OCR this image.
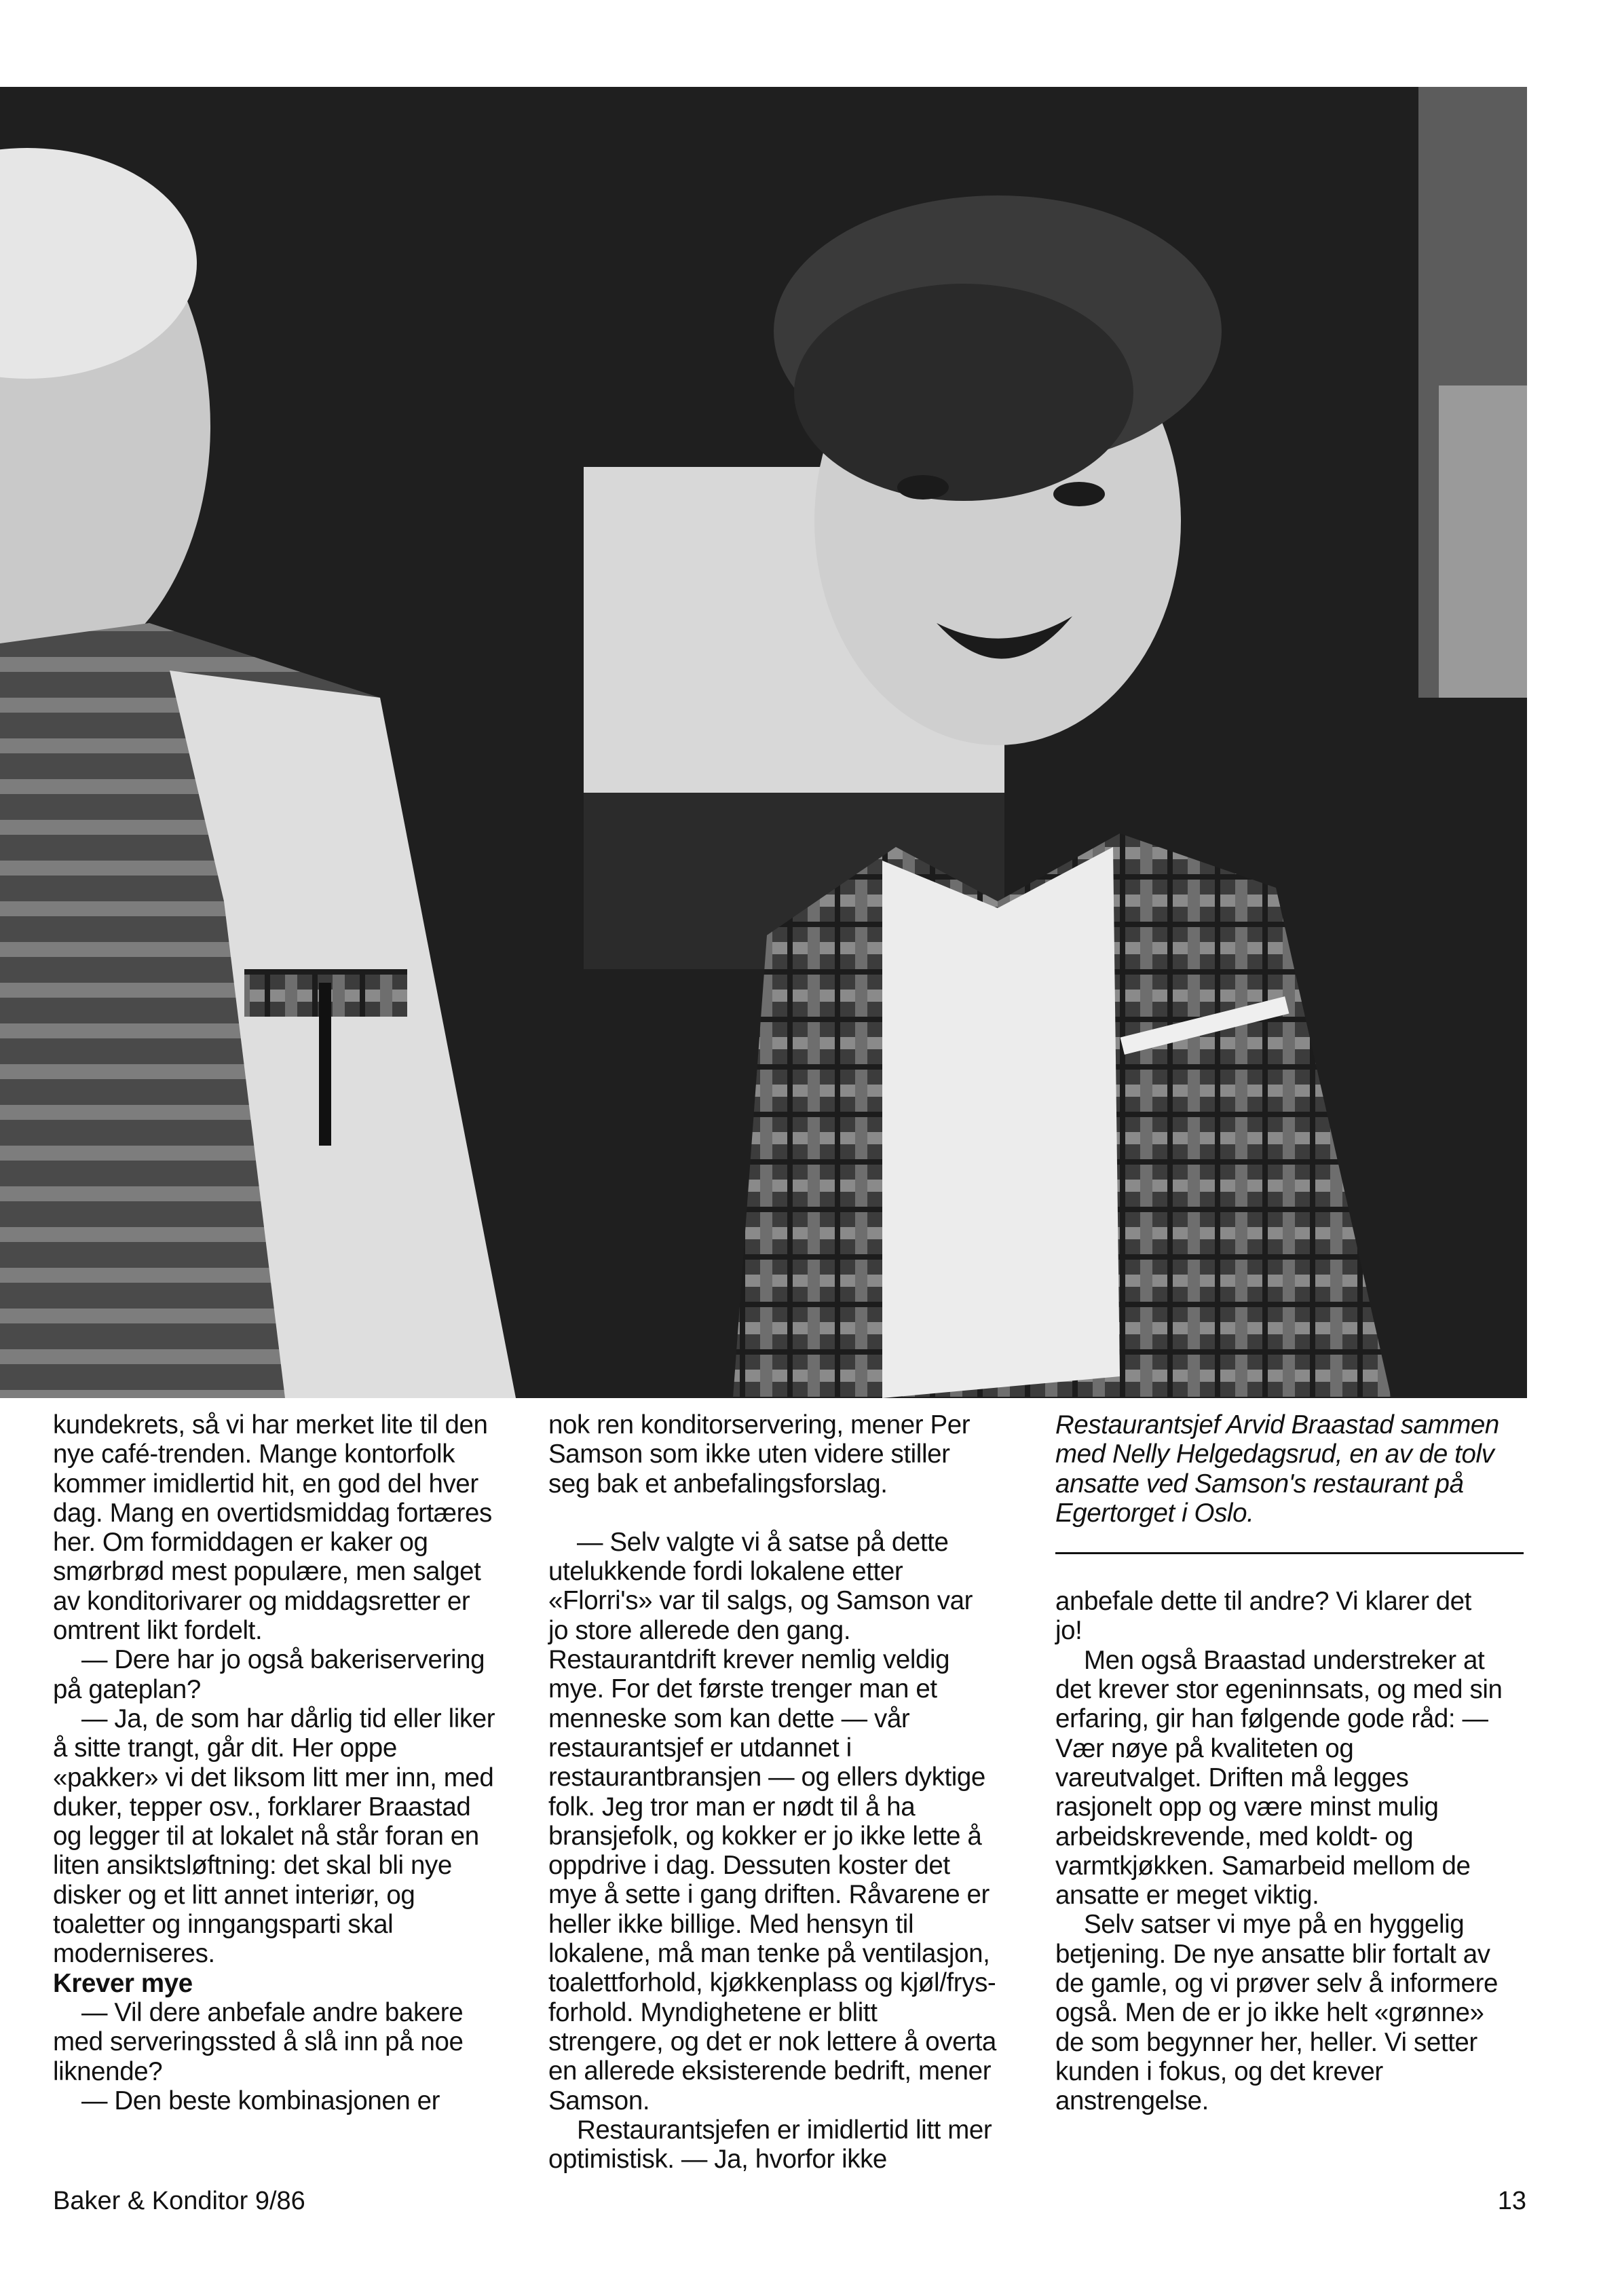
kundekrets, så vi har merket lite til den nye café-trenden. Mange kontorfolk kommer imidlertid hit, en god del hver dag. Mang en overtidsmiddag fortæres her. Om formiddagen er kaker og smørbrød mest populære, men salget av konditorivarer og middagsretter er omtrent likt fordelt.

— Dere har jo også bakeriservering på gateplan?

— Ja, de som har dårlig tid eller liker å sitte trangt, går dit. Her oppe «pakker» vi det liksom litt mer inn, med duker, tepper osv., forklarer Braastad og legger til at lokalet nå står foran en liten ansiktsløftning: det skal bli nye disker og et litt annet interiør, og toaletter og inngangsparti skal moderniseres.

Krever mye

— Vil dere anbefale andre bakere med serveringssted å slå inn på noe liknende?

— Den beste kombinasjonen er

nok ren konditorservering, mener Per Samson som ikke uten videre stiller seg bak et anbefalingsforslag.

— Selv valgte vi å satse på dette utelukkende fordi lokalene etter «Florri's» var til salgs, og Samson var jo store allerede den gang. Restaurantdrift krever nemlig veldig mye. For det første trenger man et menneske som kan dette — vår restaurantsjef er utdannet i restaurantbransjen — og ellers dyktige folk. Jeg tror man er nødt til å ha bransjefolk, og kokker er jo ikke lette å oppdrive i dag. Dessuten koster det mye å sette i gang driften. Råvarene er heller ikke billige. Med hensyn til lokalene, må man tenke på ventilasjon, toalettforhold, kjøkkenplass og kjøl/frys-forhold. Myndighetene er blitt strengere, og det er nok lettere å overta en allerede eksisterende bedrift, mener Samson.

Restaurantsjefen er imidlertid litt mer optimistisk. — Ja, hvorfor ikke

Restaurantsjef Arvid Braastad sammen med Nelly Helgedagsrud, en av de tolv ansatte ved Samson's restaurant på Egertorget i Oslo.

anbefale dette til andre? Vi klarer det jo!

Men også Braastad understreker at det krever stor egeninnsats, og med sin erfaring, gir han følgende gode råd: — Vær nøye på kvaliteten og vareutvalget. Driften må legges rasjonelt opp og være minst mulig arbeidskrevende, med koldt- og varmtkjøkken. Samarbeid mellom de ansatte er meget viktig.

Selv satser vi mye på en hyggelig betjening. De nye ansatte blir fortalt av de gamle, og vi prøver selv å informere også. Men de er jo ikke helt «grønne» de som begynner her, heller. Vi setter kunden i fokus, og det krever anstrengelse.

Baker & Konditor 9/86	13
